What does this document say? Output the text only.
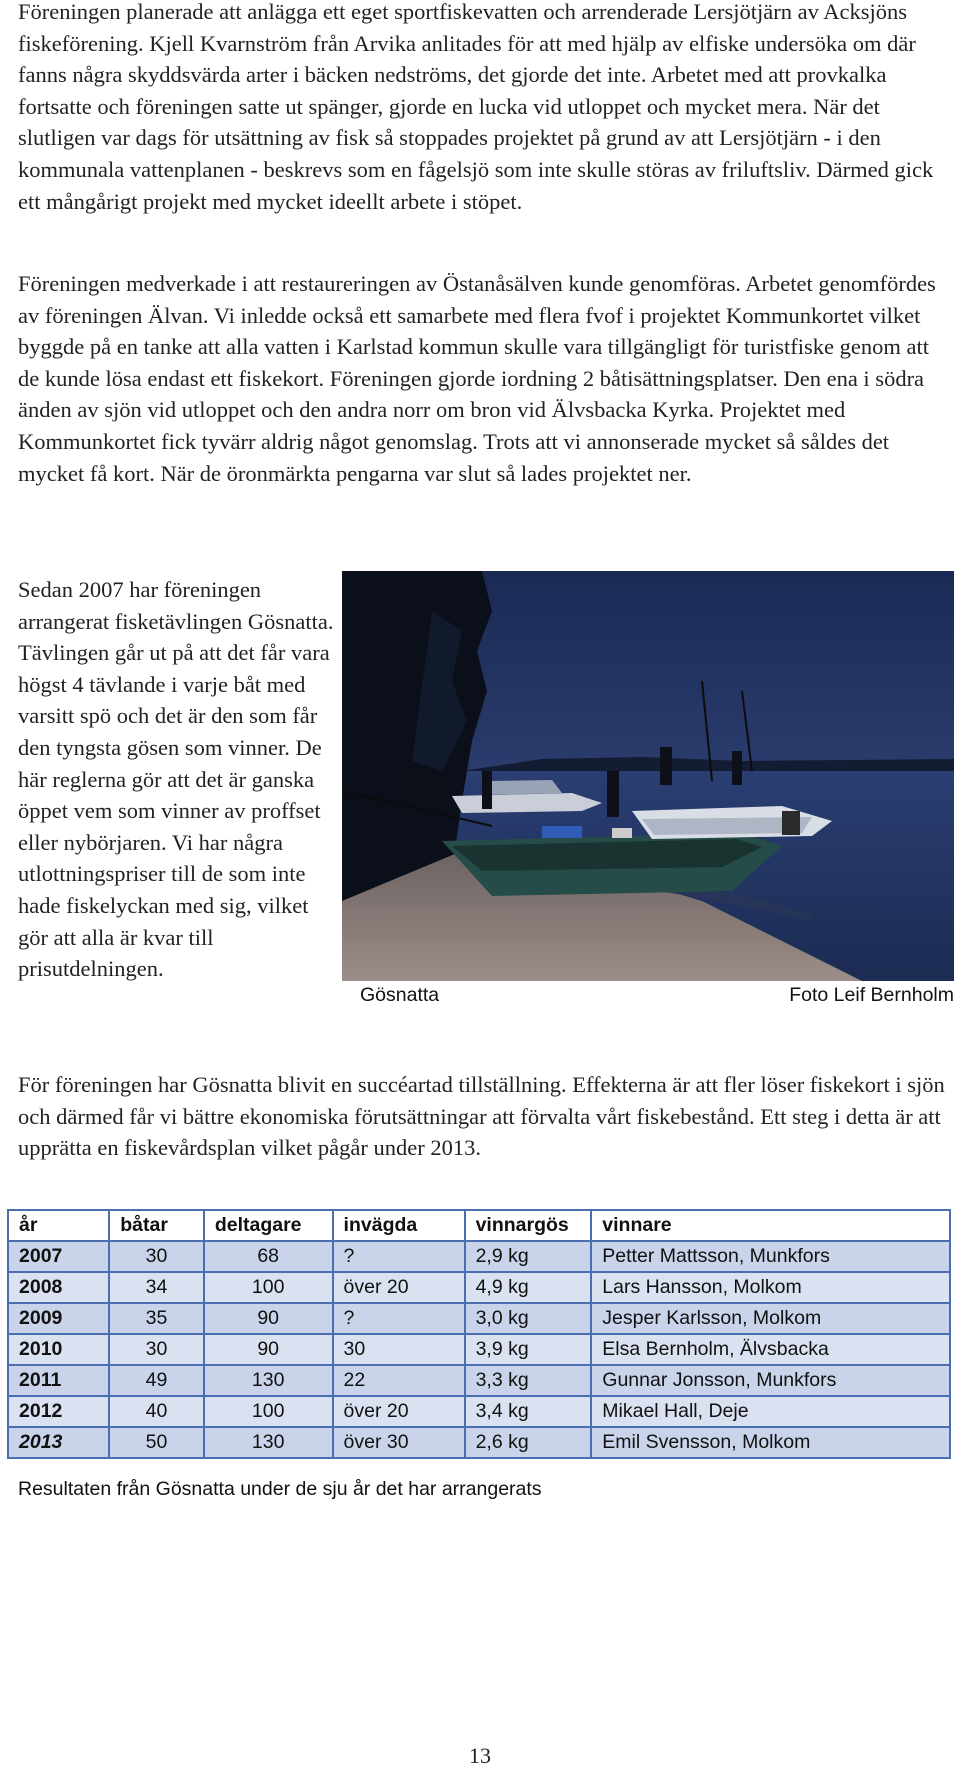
Föreningen planerade att anlägga ett eget sportfiskevatten och arrenderade Lersjötjärn av Acksjöns fiskeförening. Kjell Kvarnström från Arvika anlitades för att med hjälp av elfiske undersöka om där fanns några skyddsvärda arter i bäcken nedströms, det gjorde det inte. Arbetet med att provkalka fortsatte och föreningen satte ut spänger, gjorde en lucka vid utloppet och mycket mera. När det slutligen var dags för utsättning av fisk så stoppades projektet på grund av att Lersjötjärn - i den kommunala vattenplanen - beskrevs som en fågelsjö som inte skulle störas av friluftsliv. Därmed gick ett mångårigt projekt med mycket ideellt arbete i stöpet.

Föreningen medverkade i att restaureringen av Östanåsälven kunde genomföras. Arbetet genomfördes av föreningen Älvan. Vi inledde också ett samarbete med flera fvof i projektet Kommunkortet vilket byggde på en tanke att alla vatten i Karlstad kommun skulle vara tillgängligt för turistfiske genom att de kunde lösa endast ett fiskekort. Föreningen gjorde iordning 2 båtisättningsplatser. Den ena i södra änden av sjön vid utloppet och den andra norr om bron vid Älvsbacka Kyrka. Projektet med Kommunkortet fick tyvärr aldrig något genomslag. Trots att vi annonserade mycket så såldes det mycket få kort. När de öronmärkta pengarna var slut så lades projektet ner.

Sedan 2007 har föreningen arrangerat fisketävlingen Gösnatta. Tävlingen går ut på att det får vara högst 4 tävlande i varje båt med varsitt spö och det är den som får den tyngsta gösen som vinner. De här reglerna gör att det är ganska öppet vem som vinner av proffset eller nybörjaren. Vi har några utlottningspriser till de som inte hade fiskelyckan med sig, vilket gör att alla är kvar till prisutdelningen.

Gösnatta	Foto Leif Bernholm

För föreningen har Gösnatta blivit en succéartad tillställning. Effekterna är att fler löser fiskekort i sjön och därmed får vi bättre ekonomiska förutsättningar att förvalta vårt fiskebestånd. Ett steg i detta är att upprätta en fiskevårdsplan vilket pågår under 2013.

år	båtar	deltagare	invägda	vinnargös	vinnare
2007	30	68	?	2,9 kg	Petter Mattsson, Munkfors
2008	34	100	över 20	4,9 kg	Lars Hansson, Molkom
2009	35	90	?	3,0 kg	Jesper Karlsson, Molkom
2010	30	90	30	3,9 kg	Elsa Bernholm, Älvsbacka
2011	49	130	22	3,3 kg	Gunnar Jonsson, Munkfors
2012	40	100	över 20	3,4 kg	Mikael Hall, Deje
2013	50	130	över 30	2,6 kg	Emil Svensson, Molkom
Resultaten från Gösnatta under de sju år det har arrangerats
13
